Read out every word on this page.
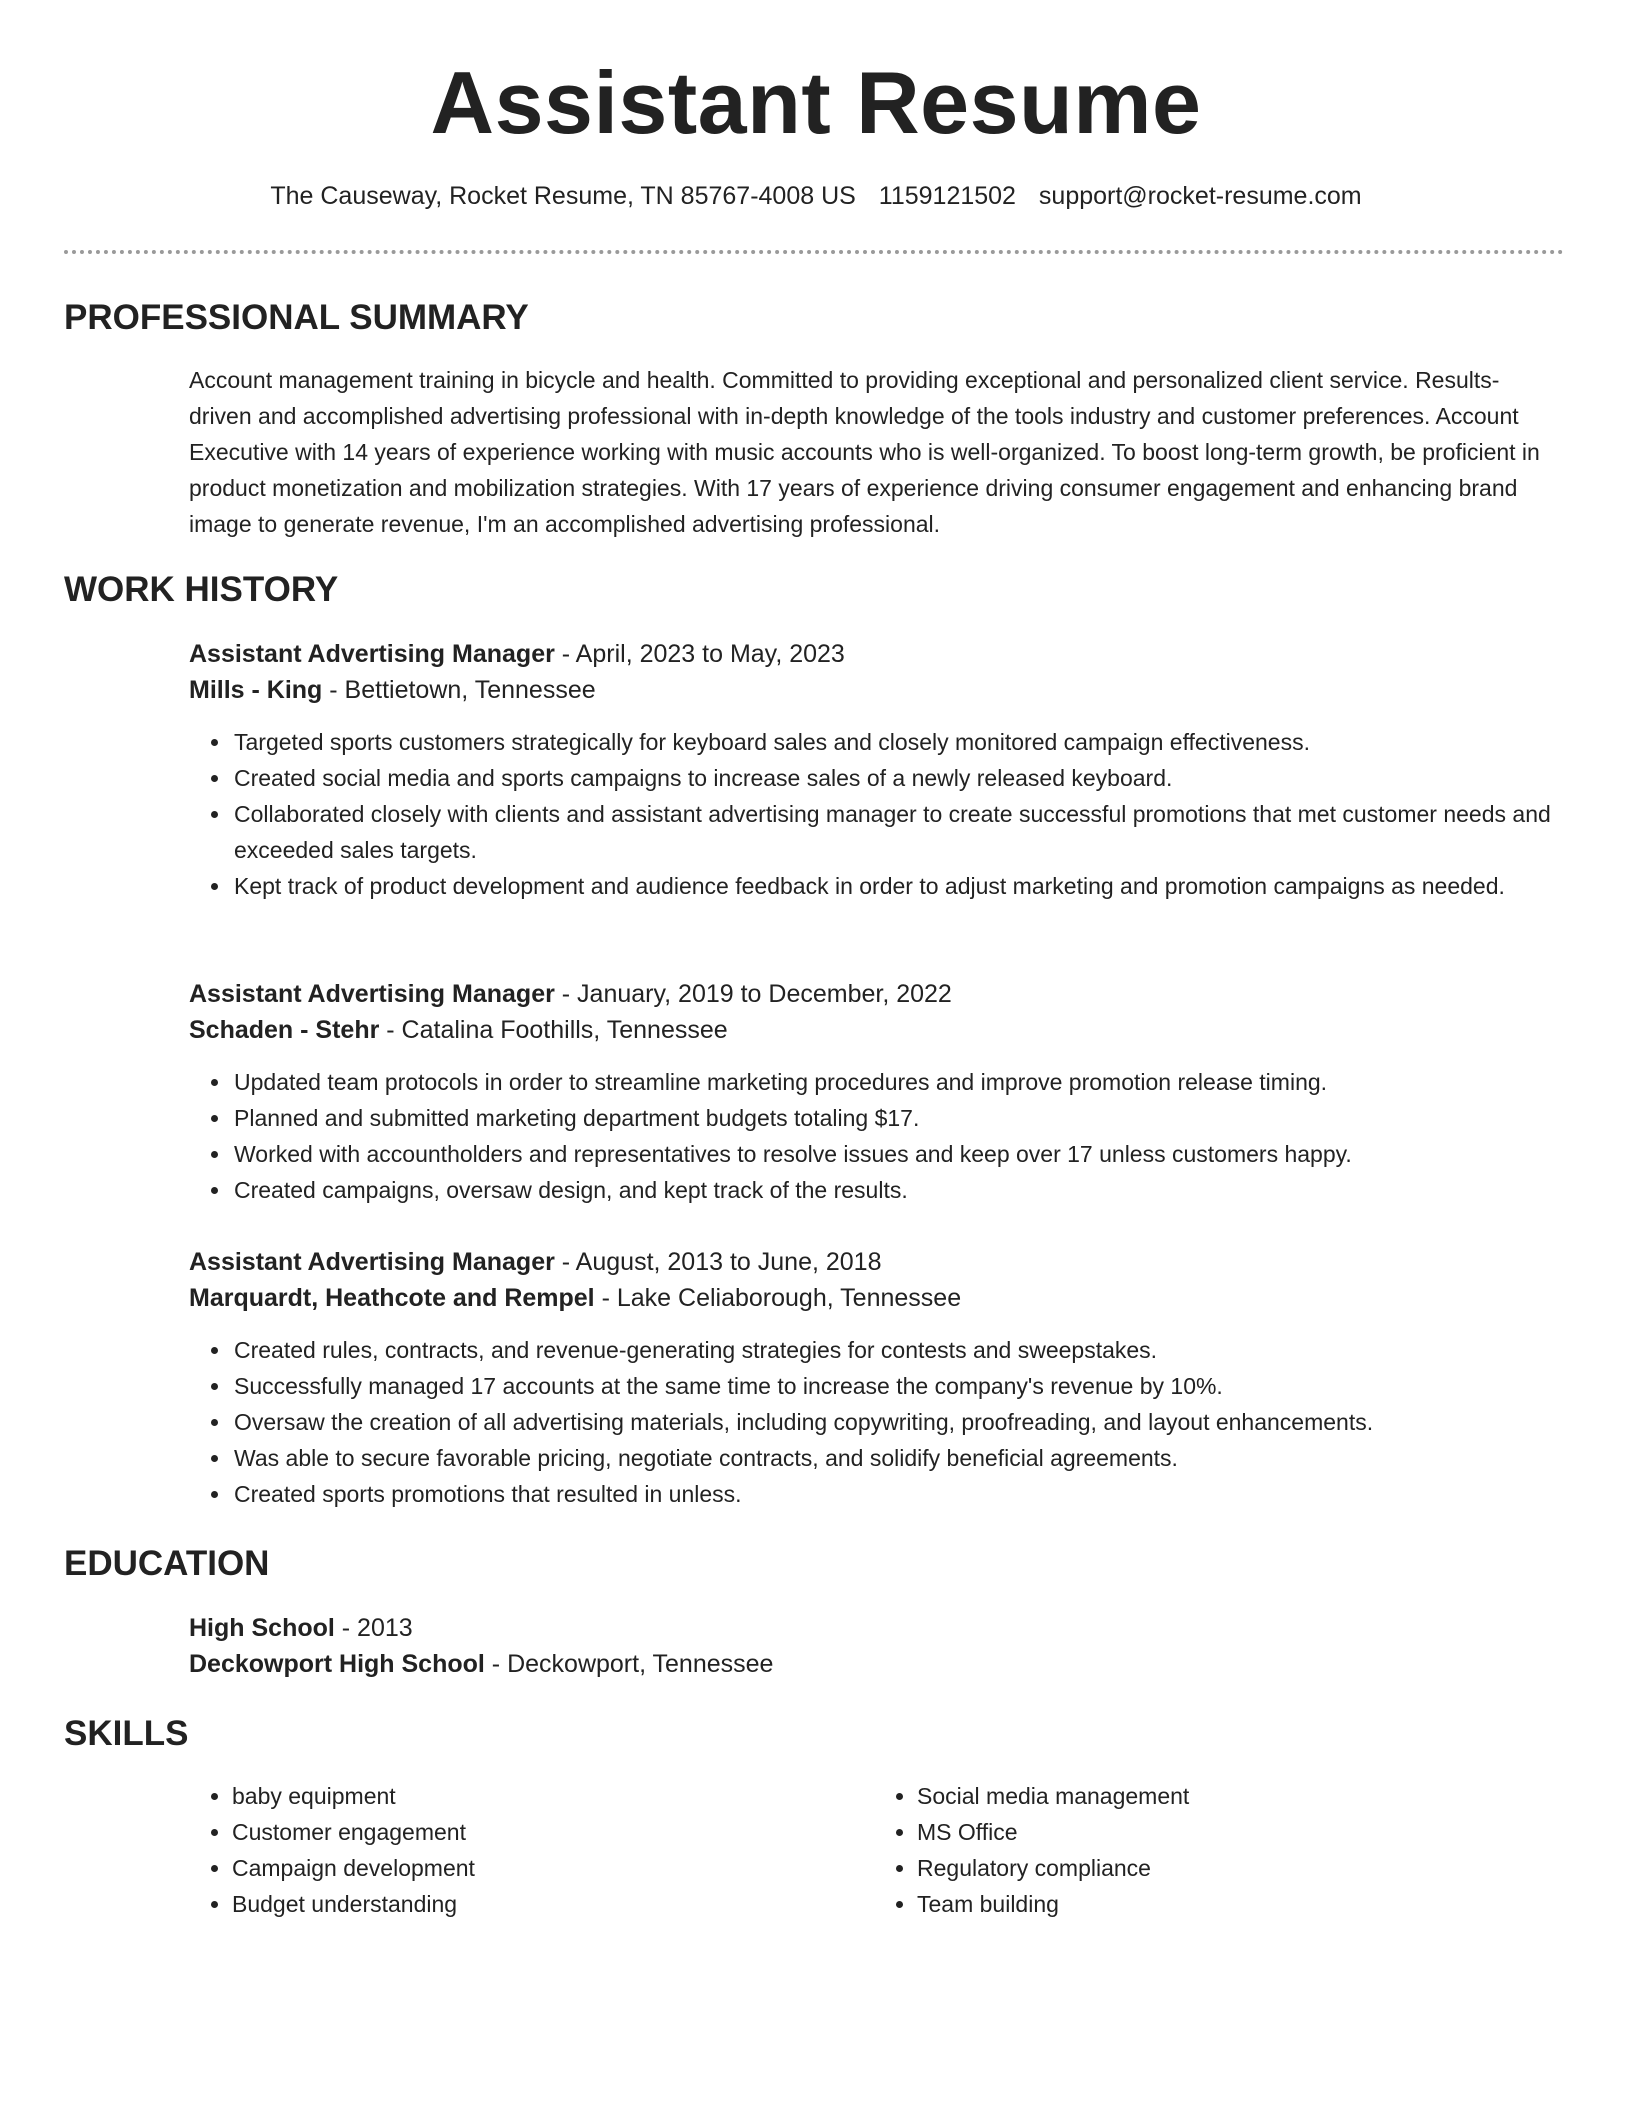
Assistant Resume
The Causeway, Rocket Resume, TN 85767-4008 US 1159121502 support@rocket-resume.com
PROFESSIONAL SUMMARY

Account management training in bicycle and health. Committed to providing exceptional and personalized client service. Results-driven and accomplished advertising professional with in-depth knowledge of the tools industry and customer preferences. Account Executive with 14 years of experience working with music accounts who is well-organized. To boost long-term growth, be proficient in product monetization and mobilization strategies. With 17 years of experience driving consumer engagement and enhancing brand image to generate revenue, I'm an accomplished advertising professional.

WORK HISTORY

Assistant Advertising Manager - April, 2023 to May, 2023

Mills - King - Bettietown, Tennessee

• Targeted sports customers strategically for keyboard sales and closely monitored campaign effectiveness.
• Created social media and sports campaigns to increase sales of a newly released keyboard.
• Collaborated closely with clients and assistant advertising manager to create successful promotions that met customer needs and exceeded sales targets.
• Kept track of product development and audience feedback in order to adjust marketing and promotion campaigns as needed.

Assistant Advertising Manager - January, 2019 to December, 2022

Schaden - Stehr - Catalina Foothills, Tennessee

• Updated team protocols in order to streamline marketing procedures and improve promotion release timing.
• Planned and submitted marketing department budgets totaling $17.
• Worked with accountholders and representatives to resolve issues and keep over 17 unless customers happy.
• Created campaigns, oversaw design, and kept track of the results.

Assistant Advertising Manager - August, 2013 to June, 2018

Marquardt, Heathcote and Rempel - Lake Celiaborough, Tennessee

• Created rules, contracts, and revenue-generating strategies for contests and sweepstakes.
• Successfully managed 17 accounts at the same time to increase the company's revenue by 10%.
• Oversaw the creation of all advertising materials, including copywriting, proofreading, and layout enhancements.
• Was able to secure favorable pricing, negotiate contracts, and solidify beneficial agreements.
• Created sports promotions that resulted in unless.
EDUCATION

High School - 2013

Deckowport High School - Deckowport, Tennessee

SKILLS
• baby equipment
• Customer engagement
• Campaign development
• Budget understanding
• Social media management
• MS Office
• Regulatory compliance
• Team building
